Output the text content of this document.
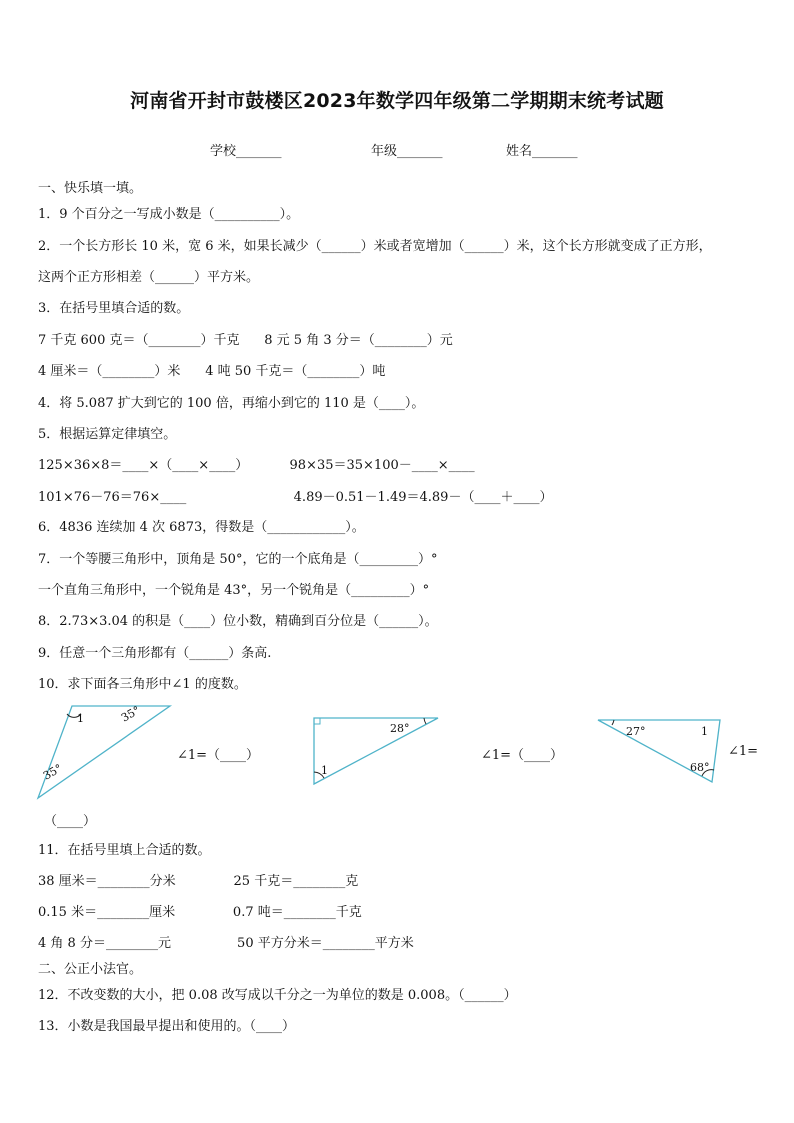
河南省开封市鼓楼区2023年数学四年级第二学期期末统考试题
学校_______	年级_______	姓名_______
一、快乐填一填。
1．9 个百分之一写成小数是（__________）。
2．一个长方形长 10 米，宽 6 米，如果长减少（______）米或者宽增加（______）米，这个长方形就变成了正方形，
这两个正方形相差（______）平方米。
3．在括号里填合适的数。
7 千克 600 克＝（________）千克      8 元 5 角 3 分＝（________）元
4 厘米＝（________）米      4 吨 50 千克＝（________）吨
4．将 5.087 扩大到它的 100 倍，再缩小到它的 110 是（____）。
5．根据运算定律填空。
125×36×8＝____×（____×____）          98×35＝35×100－____×____
101×76－76＝76×____                          4.89－0.51－1.49＝4.89－（____＋____）
6．4836 连续加 4 次 6873，得数是（____________）。
7．一个等腰三角形中，顶角是 50°，它的一个底角是（_________）°
一个直角三角形中，一个锐角是 43°，另一个锐角是（_________）°
8．2.73×3.04 的积是（____）位小数，精确到百分位是（______）。
9．任意一个三角形都有（______）条高.
10．求下面各三角形中∠1 的度数。
1	35°
35°
∠1=（____）
（____）
28°
1
∠1=（____）
27°	1
68°
∠1=
11．在括号里填上合适的数。
38 厘米＝________分米              25 千克＝________克
0.15 米＝________厘米              0.7 吨＝________千克
4 角 8 分＝________元                50 平方分米＝________平方米
二、公正小法官。
12．不改变数的大小，把 0.08 改写成以千分之一为单位的数是 0.008。（______）
13．小数是我国最早提出和使用的。（____）
